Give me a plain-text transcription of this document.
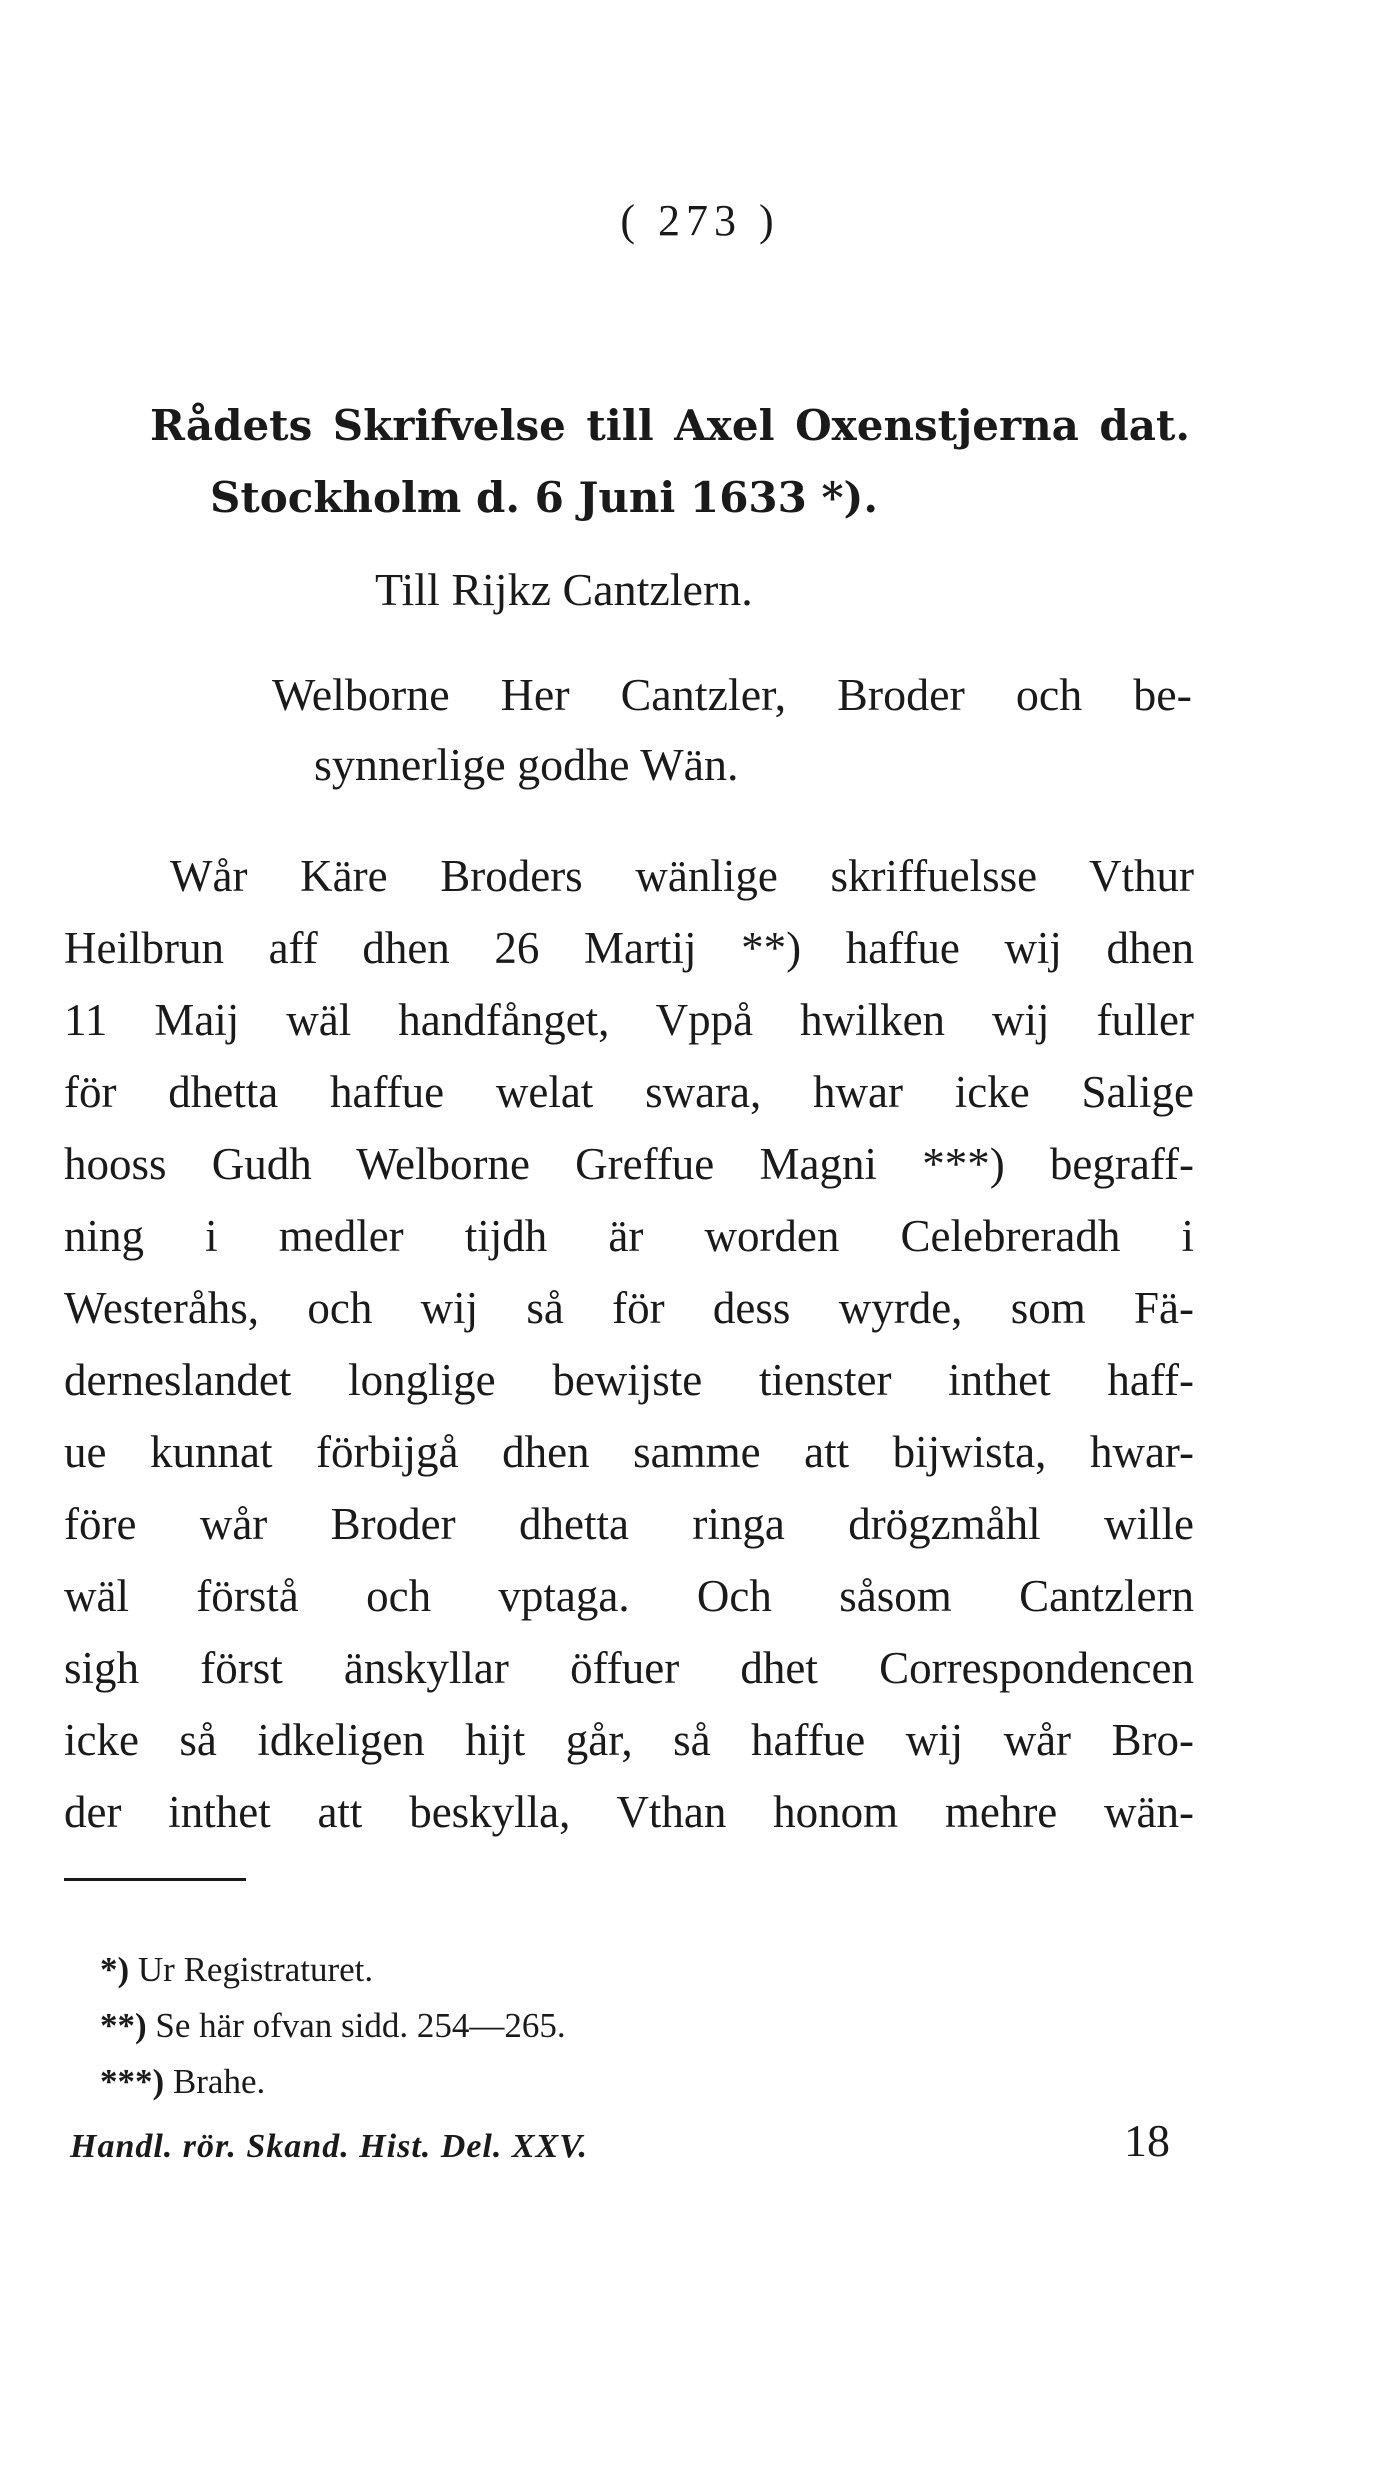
( 273 )
Rådets Skrifvelse till Axel Oxenstjerna dat.
Stockholm d. 6 Juni 1633 *).
Till Rijkz Cantzlern.
Welborne Her Cantzler, Broder och be-
synnerlige godhe Wän.
Wår Käre Broders wänlige skriffuelsse Vthur
Heilbrun aff dhen 26 Martij **) haffue wij dhen
11 Maij wäl handfånget, Vppå hwilken wij fuller
för dhetta haffue welat swara, hwar icke Salige
hooss Gudh Welborne Greffue Magni ***) begraff-
ning i medler tijdh är worden Celebreradh i
Westeråhs, och wij så för dess wyrde, som Fä-
derneslandet longlige bewijste tienster inthet haff-
ue kunnat förbijgå dhen samme att bijwista, hwar-
före wår Broder dhetta ringa drögzmåhl wille
wäl förstå och vptaga. Och såsom Cantzlern
sigh först änskyllar öffuer dhet Correspondencen
icke så idkeligen hijt går, så haffue wij wår Bro-
der inthet att beskylla, Vthan honom mehre wän-
*) Ur Registraturet.
**) Se här ofvan sidd. 254—265.
***) Brahe.
Handl. rör. Skand. Hist. Del. XXV.	18
